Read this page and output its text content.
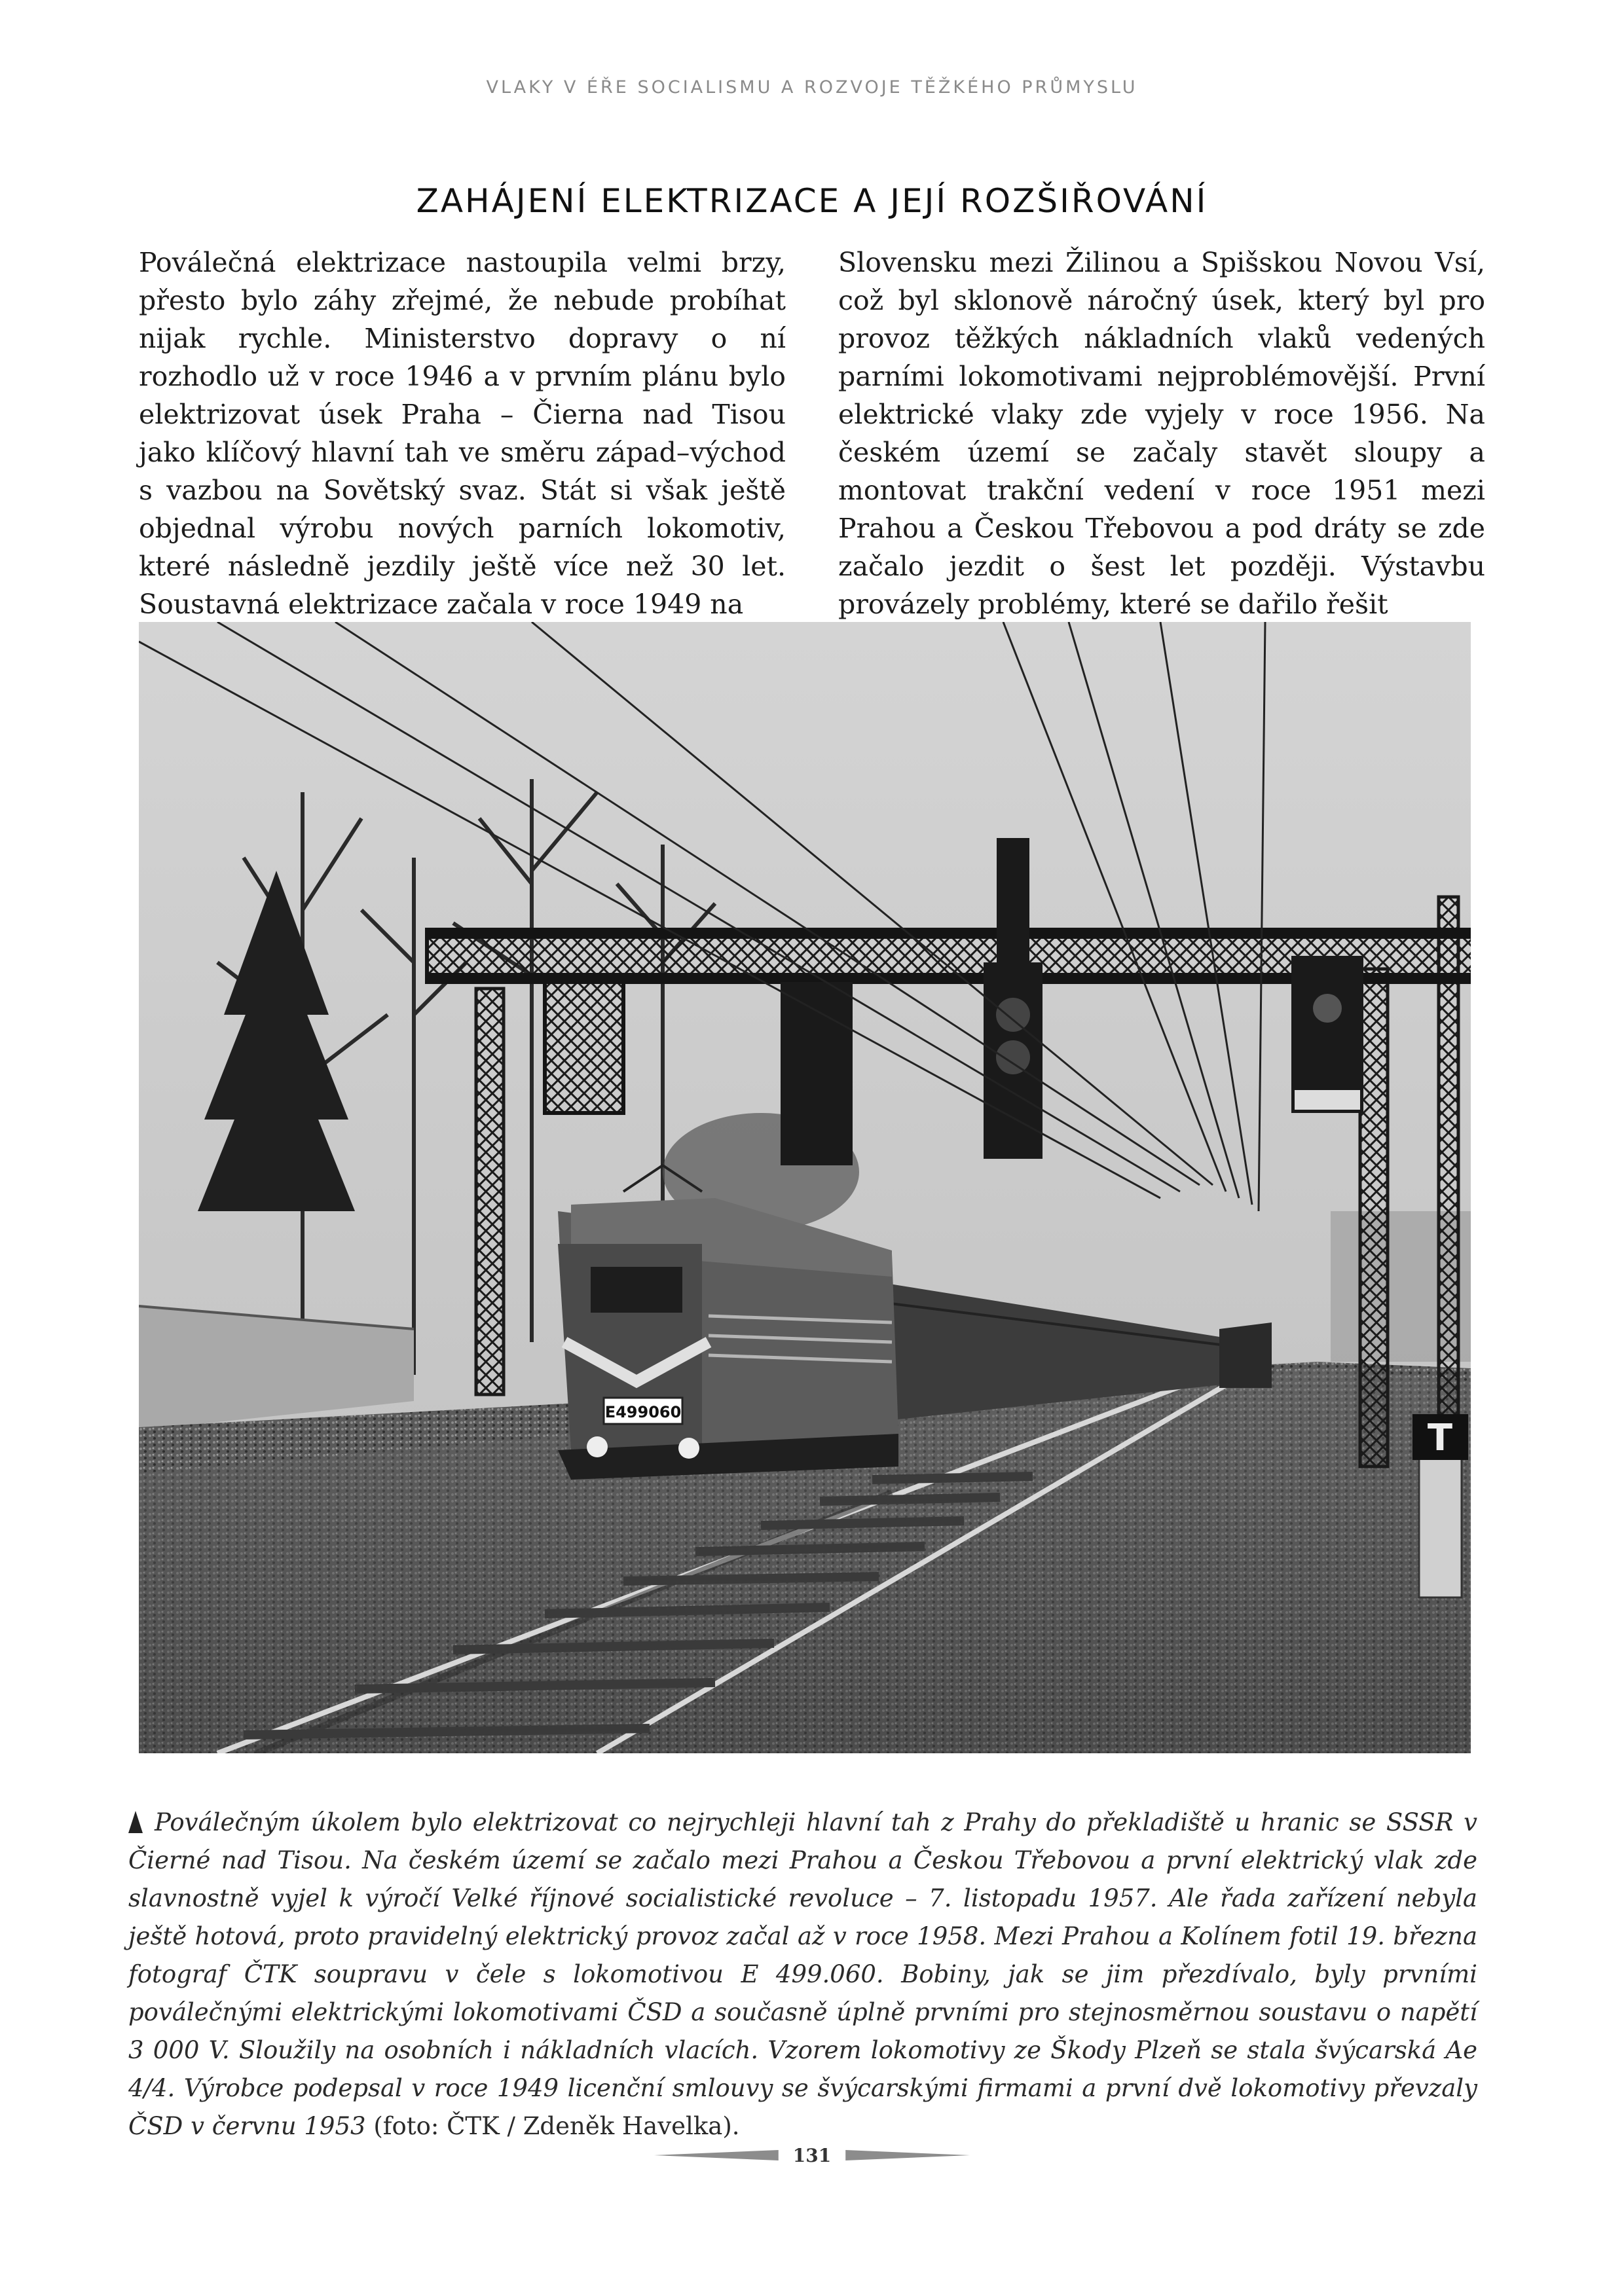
VLAKY V ÉŘE SOCIALISMU A ROZVOJE TĚŽKÉHO PRŮMYSLU
ZAHÁJENÍ ELEKTRIZACE A JEJÍ ROZŠIŘOVÁNÍ

Poválečná elektrizace nastoupila velmi brzy, přesto bylo záhy zřejmé, že nebude probíhat nijak rychle. Ministerstvo dopravy o ní rozhodlo už v roce 1946 a v prvním plánu bylo elektrizovat úsek Praha – Čierna nad Tisou jako klíčový hlavní tah ve směru západ–východ s vazbou na Sovětský svaz. Stát si však ještě objednal výrobu nových parních lokomotiv, které následně jezdily ještě více než 30 let. Soustavná elektrizace začala v roce 1949 na

Slovensku mezi Žilinou a Spišskou Novou Vsí, což byl sklonově náročný úsek, který byl pro provoz těžkých nákladních vlaků vedených parními lokomotivami nejproblémovější. První elektrické vlaky zde vyjely v roce 1956. Na českém území se začaly stavět sloupy a montovat trakční vedení v roce 1951 mezi Prahou a Českou Třebovou a pod dráty se zde začalo jezdit o šest let později. Výstavbu provázely problémy, které se dařilo řešit

E499060
T
Poválečným úkolem bylo elektrizovat co nejrychleji hlavní tah z Prahy do překladiště u hranic se SSSR v Čierné nad Tisou. Na českém území se začalo mezi Prahou a Českou Třebovou a první elektrický vlak zde slavnostně vyjel k výročí Velké říjnové socialistické revoluce – 7. listopadu 1957. Ale řada zařízení nebyla ještě hotová, proto pravidelný elektrický provoz začal až v roce 1958. Mezi Prahou a Kolínem fotil 19. března fotograf ČTK soupravu v čele s lokomotivou E 499.060. Bobiny, jak se jim přezdívalo, byly prvními poválečnými elektrickými lokomotivami ČSD a současně úplně prvními pro stejnosměrnou soustavu o napětí 3 000 V. Sloužily na osobních i nákladních vlacích. Vzorem lokomotivy ze Škody Plzeň se stala švýcarská Ae 4/4. Výrobce podepsal v roce 1949 licenční smlouvy se švýcarskými firmami a první dvě lokomotivy převzaly ČSD v červnu 1953 (foto: ČTK / Zdeněk Havelka).
131
